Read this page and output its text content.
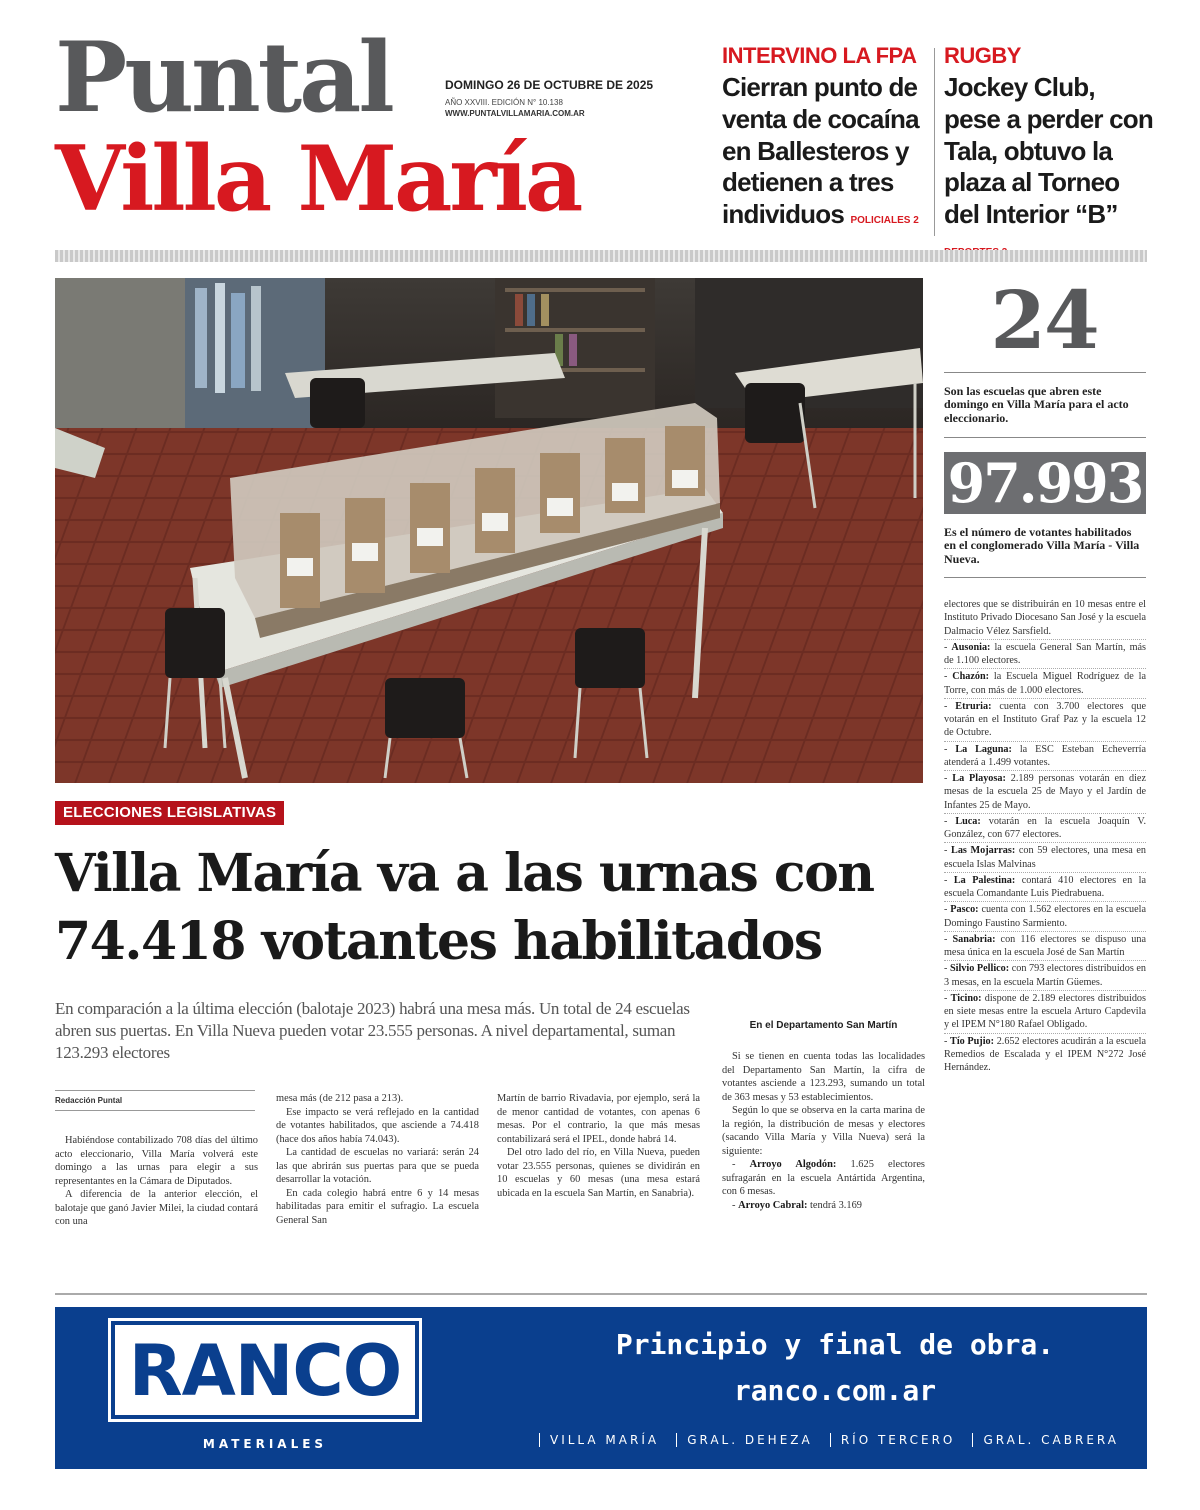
Puntal
Villa María
DOMINGO 26 DE OCTUBRE DE 2025
AÑO XXVIII. EDICIÓN N° 10.138
WWW.PUNTALVILLAMARIA.COM.AR
INTERVINO LA FPA
Cierran punto de venta de cocaína en Ballesteros y detienen a tres individuos POLICIALES 2
RUGBY
Jockey Club, pese a perder con Tala, obtuvo la plaza al Torneo del Interior “B”
24
Son las escuelas que abren este domingo en Villa María para el acto eleccionario.
97.993
Es el número de votantes habilitados en el conglomerado Villa María - Villa Nueva.

electores que se distribuirán en 10 mesas entre el Instituto Privado Diocesano San José y la escuela Dalmacio Vélez Sarsfield.

- Ausonia: la escuela General San Martín, más de 1.100 electores.

- Chazón: la Escuela Miguel Rodríguez de la Torre, con más de 1.000 electores.

- Etruria: cuenta con 3.700 electores que votarán en el Instituto Graf Paz y la escuela 12 de Octubre.

- La Laguna: la ESC Esteban Echeverría atenderá a 1.499 votantes.

- La Playosa: 2.189 personas votarán en diez mesas de la escuela 25 de Mayo y el Jardín de Infantes 25 de Mayo.

- Luca: votarán en la escuela Joaquín V. González, con 677 electores.

- Las Mojarras: con 59 electores, una mesa en escuela Islas Malvinas

- La Palestina: contará 410 electores en la escuela Comandante Luis Piedrabuena.

- Pasco: cuenta con 1.562 electores en la escuela Domingo Faustino Sarmiento.

- Sanabria: con 116 electores se dispuso una mesa única en la escuela José de San Martín

- Silvio Pellico: con 793 electores distribuidos en 3 mesas, en la escuela Martín Güemes.

- Ticino: dispone de 2.189 electores distribuidos en siete mesas entre la escuela Arturo Capdevila y el IPEM N°180 Rafael Obligado.

- Tío Pujio: 2.652 electores acudirán a la escuela Remedios de Escalada y el IPEM N°272 José Hernández.

ELECCIONES LEGISLATIVAS
Villa María va a las urnas con
74.418 votantes habilitados
En comparación a la última elección (balotaje 2023) habrá una mesa más. Un total de 24 escuelas abren sus puertas. En Villa Nueva pueden votar 23.555 personas. A nivel departamental, suman 123.293 electores
Redacción Puntal

Habiéndose contabilizado 708 días del último acto eleccionario, Villa María volverá este domingo a las urnas para elegir a sus representantes en la Cámara de Diputados.

A diferencia de la anterior elección, el balotaje que ganó Javier Milei, la ciudad contará con una

mesa más (de 212 pasa a 213).

Ese impacto se verá reflejado en la cantidad de votantes habilitados, que asciende a 74.418 (hace dos años había 74.043).

La cantidad de escuelas no variará: serán 24 las que abrirán sus puertas para que se pueda desarrollar la votación.

En cada colegio habrá entre 6 y 14 mesas habilitadas para emitir el sufragio. La escuela General San

Martín de barrio Rivadavia, por ejemplo, será la de menor cantidad de votantes, con apenas 6 mesas. Por el contrario, la que más mesas contabilizará será el IPEL, donde habrá 14.

Del otro lado del río, en Villa Nueva, pueden votar 23.555 personas, quienes se dividirán en 10 escuelas y 60 mesas (una mesa estará ubicada en la escuela San Martín, en Sanabria).

En el Departamento San Martín

Si se tienen en cuenta todas las localidades del Departamento San Martín, la cifra de votantes asciende a 123.293, sumando un total de 363 mesas y 53 establecimientos.

Según lo que se observa en la carta marina de la región, la distribución de mesas y electores (sacando Villa María y Villa Nueva) será la siguiente:

- Arroyo Algodón: 1.625 electores sufragarán en la escuela Antártida Argentina, con 6 mesas.

- Arroyo Cabral: tendrá 3.169

RANCO
MATERIALES
Principio y final de obra.
ranco.com.ar
VILLA MARÍA	GRAL. DEHEZA	RÍO TERCERO	GRAL. CABRERA
